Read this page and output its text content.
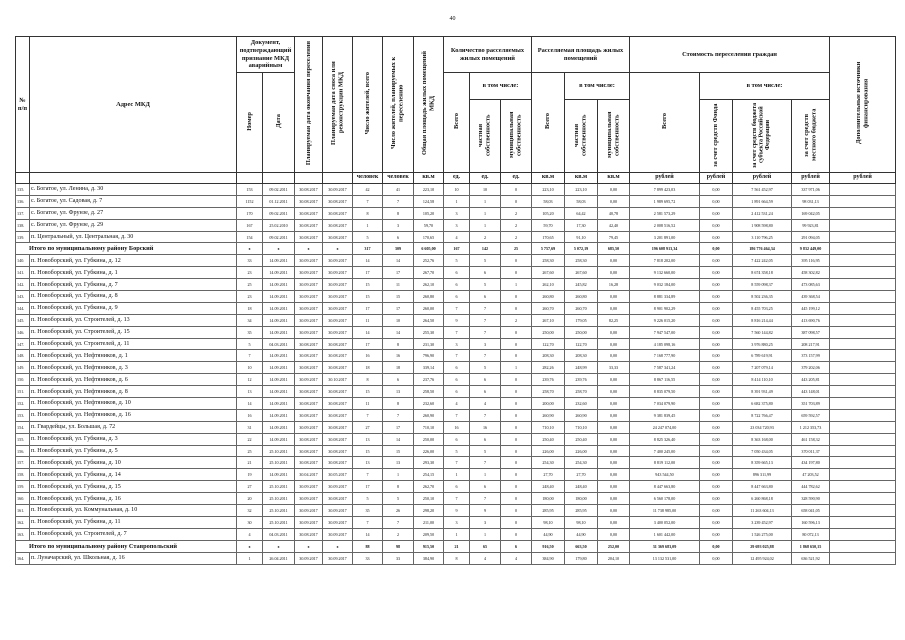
40
№ п/п	Адрес МКД	Документ, подтверждающий признание МКД аварийным		Планируемая дата окончания переселения	Планируемая дата сноса или реконструкции МКД	Число жителей, всего	Число жителей, планируемых к переселению	Общая площадь жилых помещений МКД	Количество расселяемых жилых помещений			Расселяемая площадь жилых помещений			Стоимость переселения граждан				Дополнительные источники финансирования
		Номер	Дата						Всего	в том числе:		Всего	в том числе:		Всего	в том числе:			
										частная собственность	муниципальная собственность		частная собственность	муниципальная собственность		за счет средств Фонда	за счет средств бюджета субъекта Российской Федерации	за счет средств местного бюджета	
						человек	человек	кв.м	ед.	ед.	ед.	кв.м	кв.м	кв.м	рублей	рублей	рублей	рублей	рублей
135.	с. Богатое, ул. Ленина, д. 30	153	09.02.2011	30.08.2017	30.09.2017	42	41	223,10	10	10	0	223,10	223,10	0,00	7 899 423,03	0,00	7 561 452,97	337 971,06	
136.	с. Богатое, ул. Садовая, д. 7	1152	01.12.2011	30.08.2017	30.08.2017	7	7	124,58	1	1	0	58,03	58,03	0,00	1 989 695,72	0,00	1 891 664,59	98 031,13	
137.	с. Богатое, ул. Фрунзе, д. 27	170	09.02.2011	30.08.2017	30.08.2017	8	8	105,20	3	1	2	105,20	64,42	40,78	2 581 573,29	0,00	2 412 531,24	169 042,05	
138.	с. Богатое, ул. Фрунзе, д. 29	167	25.02.2010	30.08.2017	30.08.2017	1	3	59,70	3	1	2	59,70	17,30	42,40	2 008 516,52	0,00	1 908 598,80	99 923,81	
139.	п. Центральный, ул. Центральная, д. 30	154	09.02.2011	30.08.2017	30.08.2017	5	6	170,65	4	2	2	170,65	91,10	79,45	3 201 891,00	0,00	3 110 796,25	291 094,05	
Итого по муниципальному району Борский		x	x	x	x	317	309	6 605,00	167	142	25	5 757,69	5 072,19	685,50	196 608 913,34	0,00	186 776 464,34	9 832 449,00	
140.	п. Новоборский, ул. Губкина, д. 12	33	14.09.2011	30.09.2017	30.09.2017	14	14	252,76	5	5	0	258,30	258,30	0,00	7 818 202,00	0,00	7 422 242,05	395 116,95	
141.	п. Новоборский, ул. Губкина, д. 1	23	14.09.2011	30.09.2017	30.09.2017	17	17	267,70	6	6	0	267,60	267,60	0,00	9 132 660,00	0,00	8 674 358,18	458 302,82	
142.	п. Новоборский, ул. Губкина, д. 7	25	14.09.2011	30.09.2017	30.09.2017	15	11	262,10	6	5	1	262,10	245,82	16,28	9 032 184,00	0,00	8 559 098,37	473 085,63	
143.	п. Новоборский, ул. Губкина, д. 8	23	14.09.2011	30.09.2017	30.09.2017	15	15	260,80	6	6	0	260,80	260,80	0,00	8 881 334,89	0,00	8 502 236,35	439 368,54	
144.	п. Новоборский, ул. Губкина, д. 9	18	14.09.2011	30.09.2017	30.09.2017	17	17	260,00	7	7	0	260,70	260,70	0,00	8 901 902,29	0,00	8 455 703,25	445 199,12	
145.	п. Новоборский, ул. Строителей, д. 13	34	14.09.2011	30.09.2017	30.09.2017	11	10	264,50	9	7	2	267,10	179,05	82,25	9 226 015,20	0,00	8 816 214,44	413 690,76	
146.	п. Новоборский, ул. Строителей, д. 15	35	14.09.2011	30.09.2017	30.09.2017	14	14	255,30	7	7	0	250,00	250,00	0,00	7 947 547,00	0,00	7 560 144,82	387 098,57	
147.	п. Новоборский, ул. Строителей, д. 11	5	04.03.2011	30.08.2017	30.08.2017	17	8	231,30	3	3	0	122,70	122,70	0,00	4 185 098,16	0,00	3 976 880,25	208 217,91	
148.	п. Новоборский, ул. Нефтяников, д. 1	7	14.09.2011	30.08.2017	30.08.2017	16	16	796,90	7	7	0	208,30	208,30	0,00	7 168 777,90	0,00	6 789 619,91	373 157,99	
149.	п. Новоборский, ул. Нефтяников, д. 3	10	14.09.2011	30.08.2017	30.08.2017	18	18	339,14	6	5	1	282,26	248,99	33,33	7 587 341,24	0,00	7 207 079,14	379 202,06	
150.	п. Новоборский, ул. Нефтяников, д. 6	12	14.09.2011	30.09.2017	30.10.2017	8	6	237,76	6	6	0	239,76	239,76	0,00	8 867 116,55	0,00	8 414 110,10	443 205,81	
151.	п. Новоборский, ул. Нефтяников, д. 8	13	14.09.2011	30.08.2017	30.08.2017	15	13	258,50	6	6	0	258,70	258,70	0,00	8 835 079,50	0,00	8 391 931,49	443 148,01	
152.	п. Новоборский, ул. Нефтяников, д. 10	14	14.09.2011	30.08.2017	30.08.2017	11	8	232,60	4	4	0	200,00	232,60	0,00	7 034 079,90	0,00	6 682 375,80	351 703,89	
153.	п. Новоборский, ул. Нефтяников, д. 16	16	14.09.2011	30.08.2017	30.08.2017	7	7	260,90	7	7	0	260,90	260,90	0,00	9 381 839,45	0,00	8 722 766,47	659 592,57	
154.	п. Гвардейцы, ул. Большая, д. 72	31	14.09.2011	30.09.2017	30.08.2017	27	17	710,10	16	16	0	710,10	710,10	0,00	24 247 074,00	0,00	23 034 720,93	1 212 353,73	
155.	п. Новоборский, ул. Губкина, д. 3	22	14.09.2011	30.08.2017	30.08.2017	13	14	250,00	6	6	0	250,40	250,40	0,00	8 825 326,40	0,00	8 363 168,00	461 158,32	
156.	п. Новоборский, ул. Губкина, д. 5	25	25.10.2011	30.08.2017	30.08.2017	15	15	226,00	5	5	0	226,00	226,00	0,00	7 400 245,00	0,00	7 050 434,05	370 011,37	
157.	п. Новоборский, ул. Губкина, д. 10	21	25.10.2011	30.08.2017	30.08.2017	13	13	293,30	7	7	0	254,30	254,30	0,00	8 819 112,00	0,00	8 359 665,13	434 197,80	
158.	п. Новоборский, ул. Губкина, д. 14	19	14.09.2011	30.04.2017	30.05.2017	7	1	254,15	1	1	0	27,70	27,70	0,00	943 544,50	0,00	896 311,99	47 203,52	
159.	п. Новоборский, ул. Губкина, д. 15	27	25.10.2011	30.09.2017	30.09.2017	17	8	262,70	6	6	0	248,40	248,40	0,00	8 447 663,80	0,00	8 447 663,80	444 782,62	
160.	п. Новоборский, ул. Губкина, д. 16	20	25.10.2011	30.09.2017	30.08.2017	5	5	250,10	7	7	0	180,00	180,00	0,00	6 560 178,00	0,00	6 260 868,18	328 590,90	
161.	п. Новоборский, ул. Коммунальная, д. 10	32	25.10.2011	30.09.2017	30.09.2017	35	26	298,20	9	9	0	285,95	285,95	0,00	11 738 985,00	0,00	11 263 604,13	658 041,05	
162.	п. Новоборский, ул. Губкина, д. 11	30	25.10.2011	30.09.2017	30.09.2017	7	7	211,00	3	3	0	98,10	98,10	0,00	3 400 052,00	0,00	3 239 452,97	160 596,13	
163.	п. Новоборский, ул. Строителей, д. 7	4	04.03.2011	30.08.2017	30.09.2017	14	2	209,50	1	1	0	44,90	44,90	0,00	1 601 442,00	0,00	1 526 275,00	80 072,13	
Итого по муниципальному району Ставропольский		x	x	x	x	88	98	915,50	21	65	6	916,50	663,50	252,00	31 369 683,09	0,00	29 693 025,88	1 868 650,15	
164.	п. Луначарский, ул. Школьная, д. 16	1	26.04.2011	30.09.2017	30.09.2017	33	33	384,90	8	4	4	384,90	179,80	204,10	13 132 531,00	0,00	12 495 924,02	636 521,92	
